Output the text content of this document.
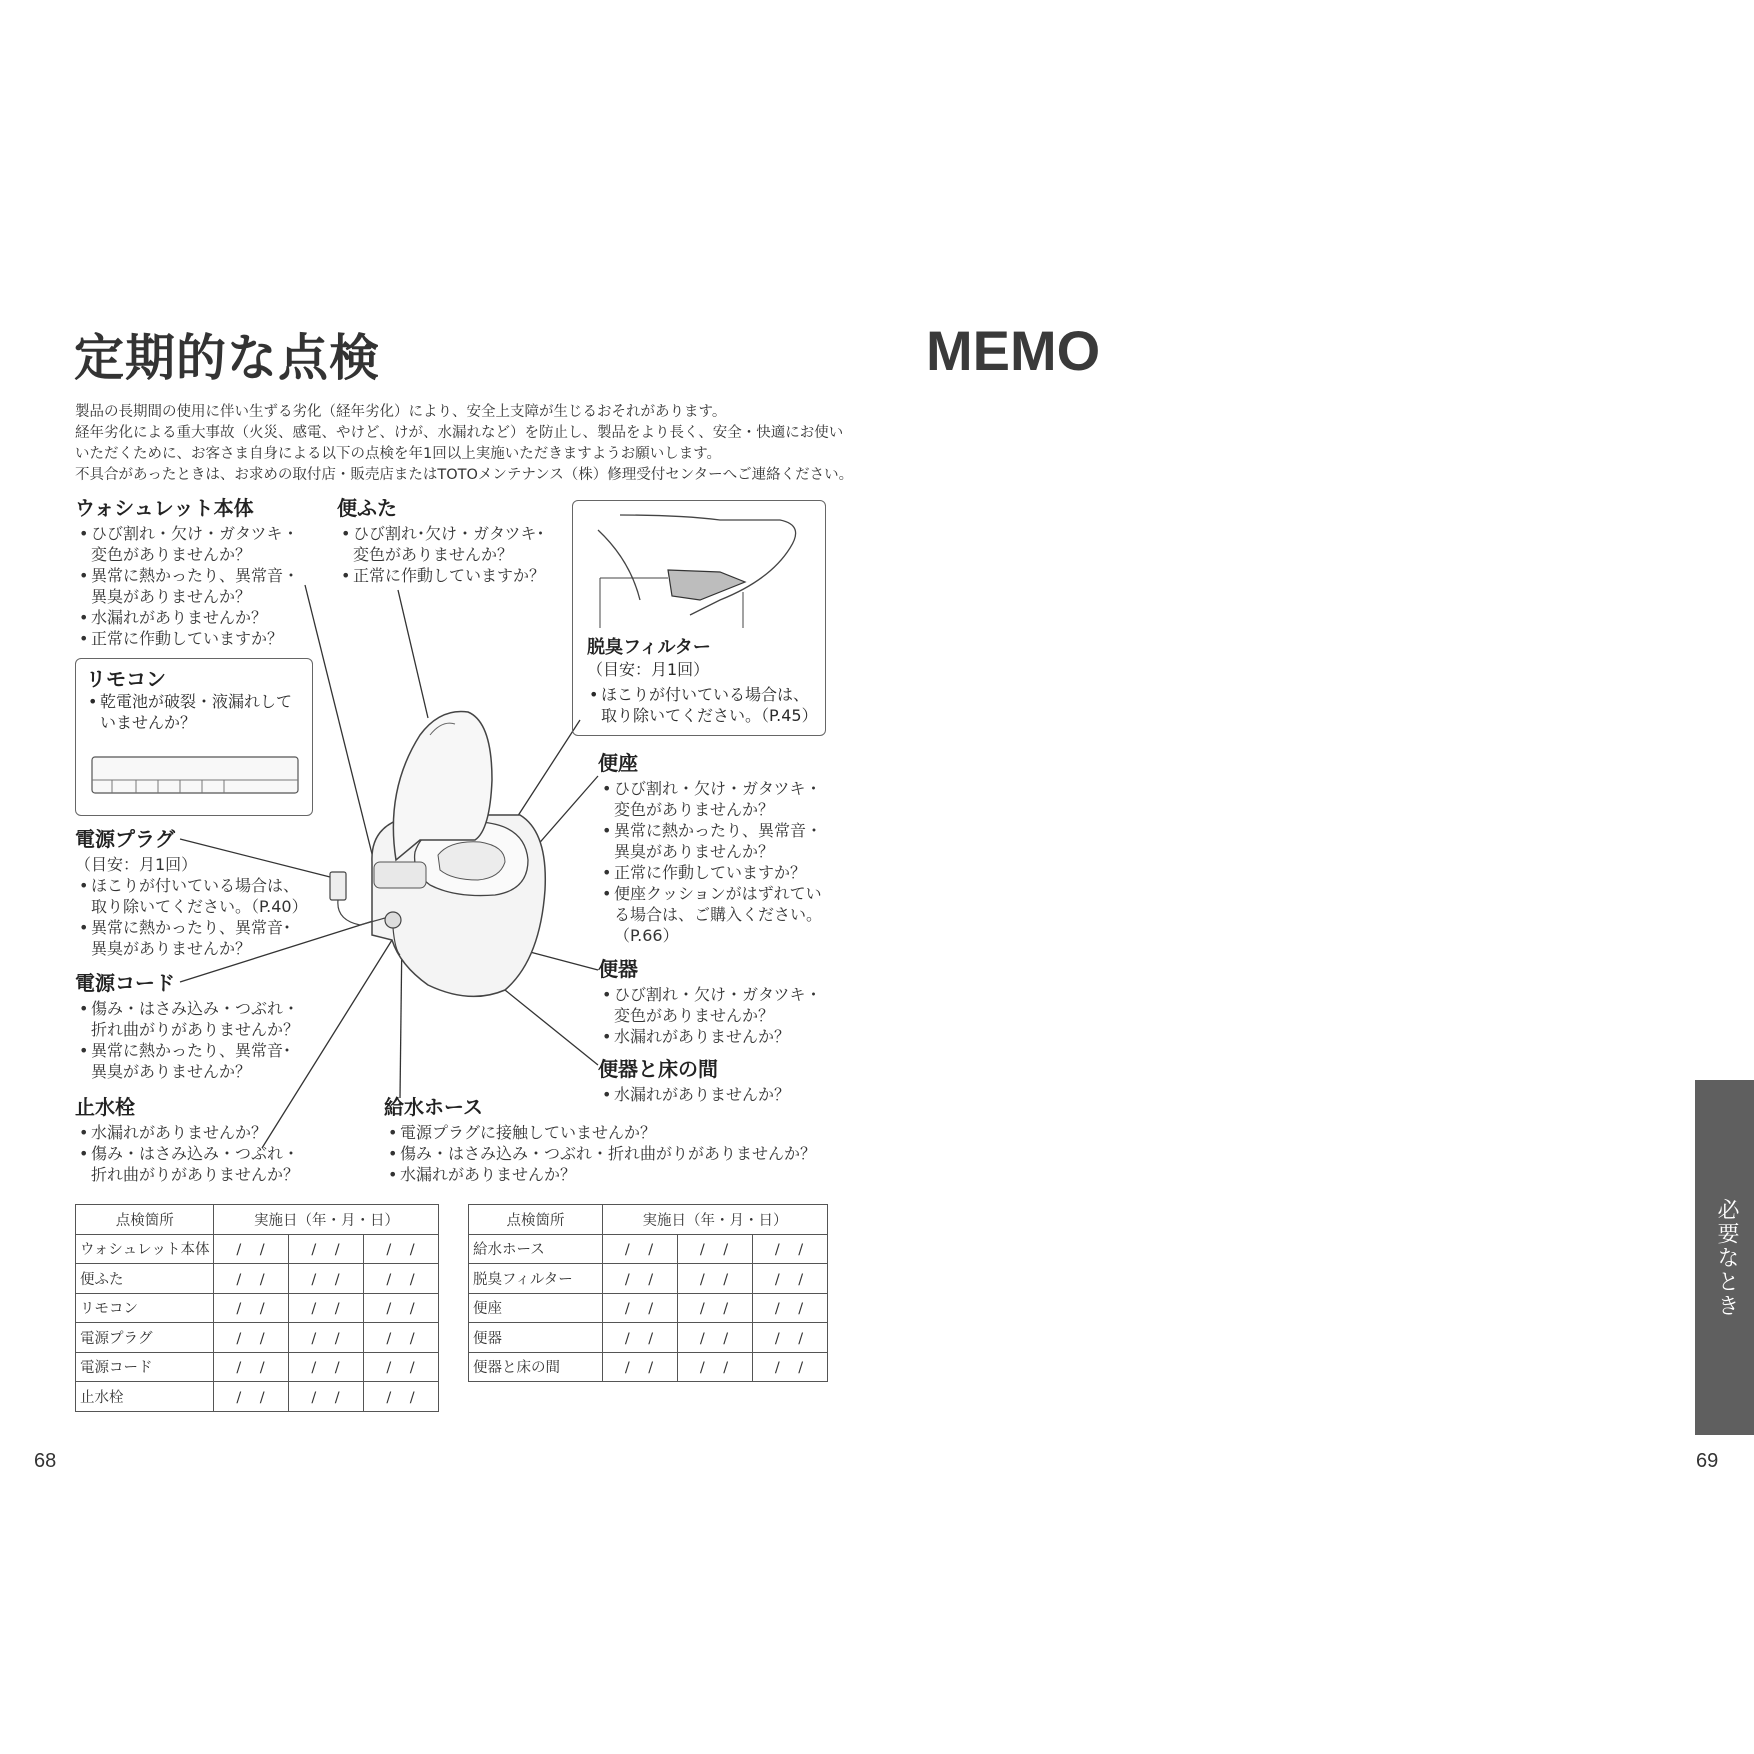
定期的な点検	MEMO
製品の長期間の使用に伴い生ずる劣化（経年劣化）により、安全上支障が生じるおそれがあります。
経年劣化による重大事故（火災、感電、やけど、けが、水漏れなど）を防止し、製品をより長く、安全・快適にお使い
いただくために、お客さま自身による以下の点検を年1回以上実施いただきますようお願いします。
不具合があったときは、お求めの取付店・販売店またはTOTOメンテナンス（株）修理受付センターへご連絡ください。
ウォシュレット本体
• ひび割れ・欠け・ガタツキ・
変色がありませんか？
• 異常に熱かったり、異常音・
異臭がありませんか？
• 水漏れがありませんか？
• 正常に作動していますか？
便ふた
• ひび割れ･欠け・ガタツキ･
変色がありませんか？
• 正常に作動していますか？
リモコン
• 乾電池が破裂・液漏れして
いませんか？
脱臭フィルター
（目安：月1回）
• ほこりが付いている場合は、
取り除いてください。（P.45）
便座
• ひび割れ・欠け・ガタツキ・
変色がありませんか？
• 異常に熱かったり、異常音・
異臭がありませんか？
• 正常に作動していますか？
• 便座クッションがはずれてい
る場合は、ご購入ください。
（P.66）
電源プラグ
（目安：月1回）
• ほこりが付いている場合は、
取り除いてください。（P.40）
• 異常に熱かったり、異常音･
異臭がありませんか？
電源コード
• 傷み・はさみ込み・つぶれ・
折れ曲がりがありませんか？
• 異常に熱かったり、異常音･
異臭がありませんか？
便器
• ひび割れ・欠け・ガタツキ・
変色がありませんか？
• 水漏れがありませんか？
便器と床の間
• 水漏れがありませんか？
止水栓
• 水漏れがありませんか？
• 傷み・はさみ込み・つぶれ・
折れ曲がりがありませんか？
給水ホース
• 電源プラグに接触していませんか？
• 傷み・はさみ込み・つぶれ・折れ曲がりがありませんか？
• 水漏れがありませんか？
点検箇所	実施日（年・月・日）		
ウォシュレット本体	/　/	/　/	/　/
便ふた	/　/	/　/	/　/
リモコン	/　/	/　/	/　/
電源プラグ	/　/	/　/	/　/
電源コード	/　/	/　/	/　/
止水栓	/　/	/　/	/　/
点検箇所	実施日（年・月・日）		
給水ホース	/　/	/　/	/　/
脱臭フィルター	/　/	/　/	/　/
便座	/　/	/　/	/　/
便器	/　/	/　/	/　/
便器と床の間	/　/	/　/	/　/
68	69
必要なとき
